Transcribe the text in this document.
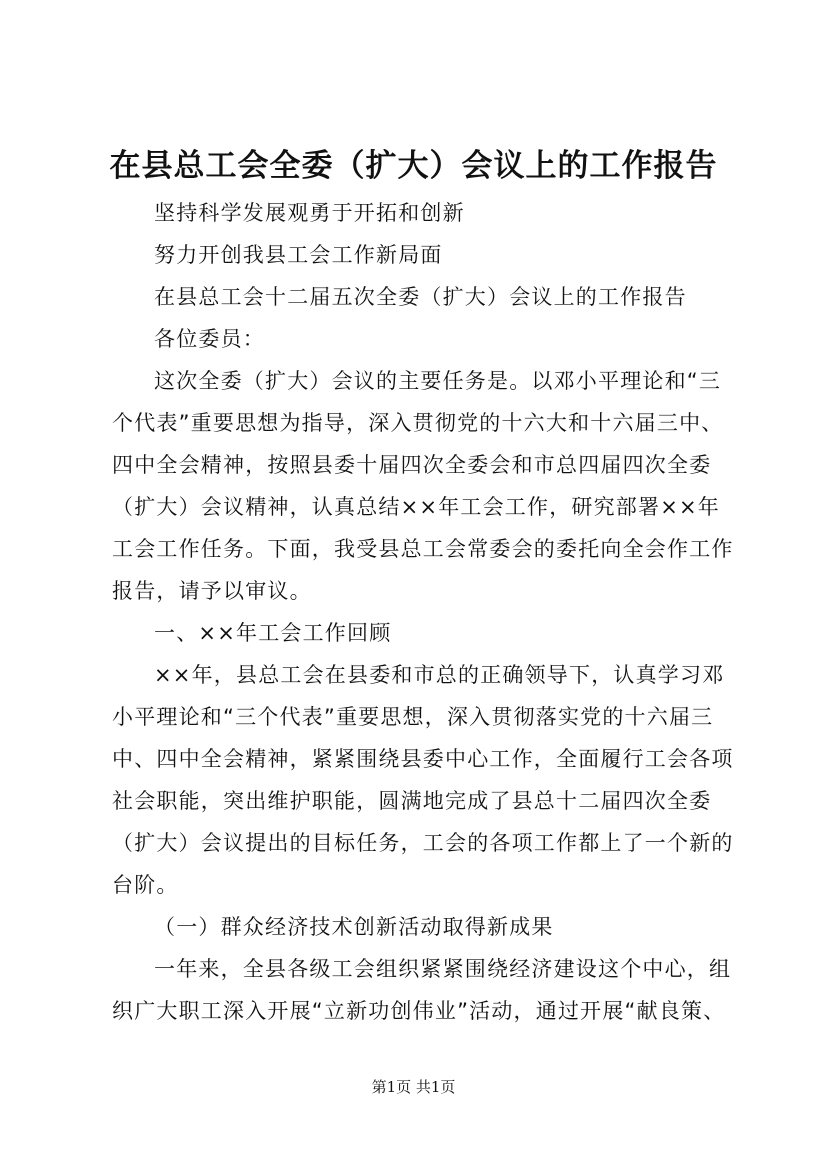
在县总工会全委（扩大）会议上的工作报告
坚持科学发展观勇于开拓和创新
努力开创我县工会工作新局面
在县总工会十二届五次全委（扩大）会议上的工作报告
各位委员：
这次全委（扩大）会议的主要任务是。以邓小平理论和“三
个代表”重要思想为指导，深入贯彻党的十六大和十六届三中、
四中全会精神，按照县委十届四次全委会和市总四届四次全委
（扩大）会议精神，认真总结××年工会工作，研究部署××年
工会工作任务。下面，我受县总工会常委会的委托向全会作工作
报告，请予以审议。
一、××年工会工作回顾
××年，县总工会在县委和市总的正确领导下，认真学习邓
小平理论和“三个代表”重要思想，深入贯彻落实党的十六届三
中、四中全会精神，紧紧围绕县委中心工作，全面履行工会各项
社会职能，突出维护职能，圆满地完成了县总十二届四次全委
（扩大）会议提出的目标任务，工会的各项工作都上了一个新的
台阶。
（一）群众经济技术创新活动取得新成果
一年来，全县各级工会组织紧紧围绕经济建设这个中心，组
织广大职工深入开展“立新功创伟业”活动，通过开展“献良策、
第1页 共1页
